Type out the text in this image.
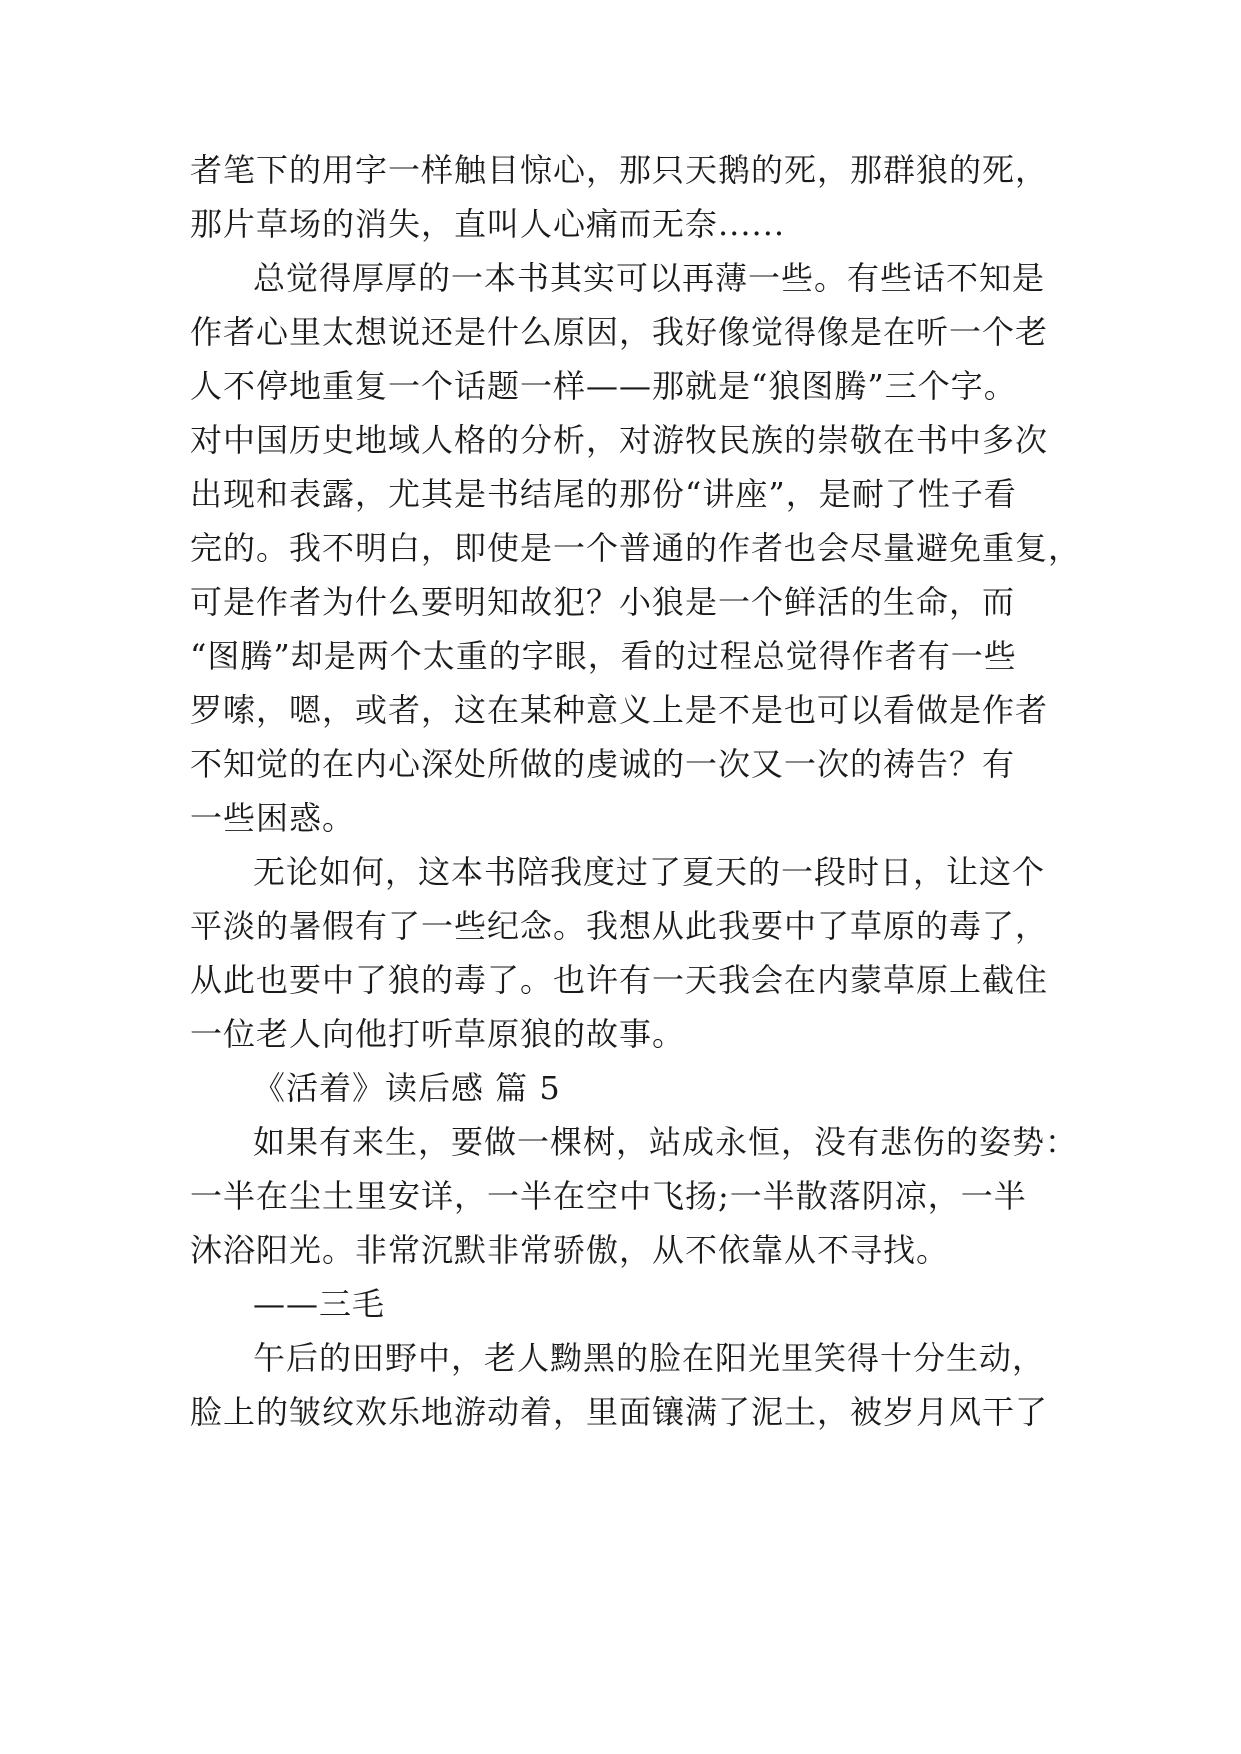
者笔下的用字一样触目惊心，那只天鹅的死，那群狼的死，
那片草场的消失，直叫人心痛而无奈......
总觉得厚厚的一本书其实可以再薄一些。有些话不知是
作者心里太想说还是什么原因，我好像觉得像是在听一个老
人不停地重复一个话题一样——那就是“狼图腾”三个字。
对中国历史地域人格的分析，对游牧民族的崇敬在书中多次
出现和表露，尤其是书结尾的那份“讲座”，是耐了性子看
完的。我不明白，即使是一个普通的作者也会尽量避免重复，
可是作者为什么要明知故犯？小狼是一个鲜活的生命，而
“图腾”却是两个太重的字眼，看的过程总觉得作者有一些
罗嗦，嗯，或者，这在某种意义上是不是也可以看做是作者
不知觉的在内心深处所做的虔诚的一次又一次的祷告？有
一些困惑。
无论如何，这本书陪我度过了夏天的一段时日，让这个
平淡的暑假有了一些纪念。我想从此我要中了草原的毒了，
从此也要中了狼的毒了。也许有一天我会在内蒙草原上截住
一位老人向他打听草原狼的故事。
《活着》读后感 篇 5
如果有来生，要做一棵树，站成永恒，没有悲伤的姿势：
一半在尘土里安详，一半在空中飞扬;一半散落阴凉，一半
沐浴阳光。非常沉默非常骄傲，从不依靠从不寻找。
——三毛
午后的田野中，老人黝黑的脸在阳光里笑得十分生动，
脸上的皱纹欢乐地游动着，里面镶满了泥土，被岁月风干了
